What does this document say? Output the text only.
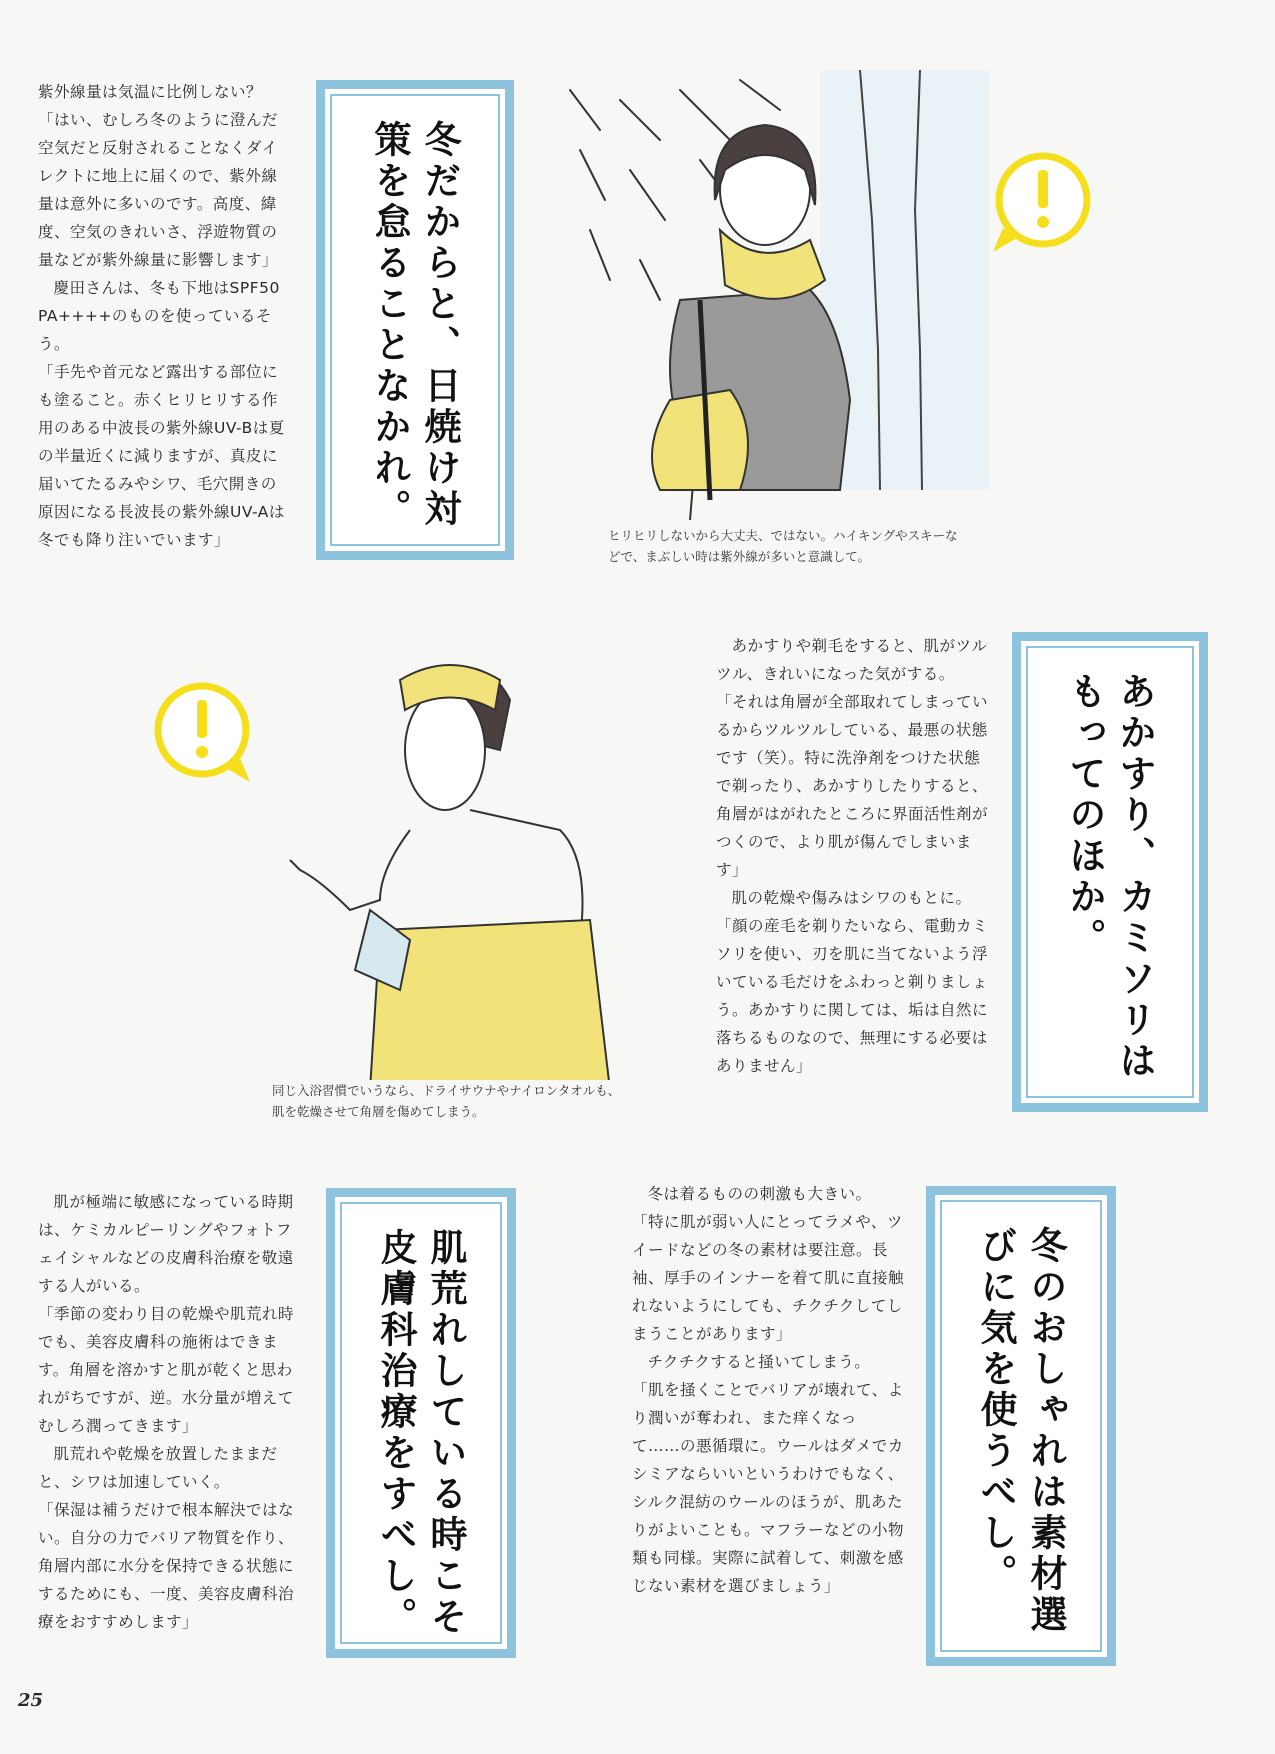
紫外線量は気温に比例しない？

「はい、むしろ冬のように澄んだ空気だと反射されることなくダイレクトに地上に届くので、紫外線量は意外に多いのです。高度、緯度、空気のきれいさ、浮遊物質の量などが紫外線量に影響します」

慶田さんは、冬も下地はSPF50 PA++++のものを使っているそう。

「手先や首元など露出する部位にも塗ること。赤くヒリヒリする作用のある中波長の紫外線UV-Bは夏の半量近くに減りますが、真皮に届いてたるみやシワ、毛穴開きの原因になる長波長の紫外線UV-Aは冬でも降り注いでいます」

冬だからと、日焼け対策を怠ることなかれ。

ヒリヒリしないから大丈夫、ではない。ハイキングやスキーなどで、まぶしい時は紫外線が多いと意識して。

同じ入浴習慣でいうなら、ドライサウナやナイロンタオルも、肌を乾燥させて角層を傷めてしまう。

あかすりや剃毛をすると、肌がツルツル、きれいになった気がする。

「それは角層が全部取れてしまっているからツルツルしている、最悪の状態です（笑）。特に洗浄剤をつけた状態で剃ったり、あかすりしたりすると、角層がはがれたところに界面活性剤がつくので、より肌が傷んでしまいます」

肌の乾燥や傷みはシワのもとに。

「顔の産毛を剃りたいなら、電動カミソリを使い、刃を肌に当てないよう浮いている毛だけをふわっと剃りましょう。あかすりに関しては、垢は自然に落ちるものなので、無理にする必要はありません」	あかすり、カミソリはもってのほか。

肌が極端に敏感になっている時期は、ケミカルピーリングやフォトフェイシャルなどの皮膚科治療を敬遠する人がいる。

「季節の変わり目の乾燥や肌荒れ時でも、美容皮膚科の施術はできます。角層を溶かすと肌が乾くと思われがちですが、逆。水分量が増えてむしろ潤ってきます」

肌荒れや乾燥を放置したままだと、シワは加速していく。

「保湿は補うだけで根本解決ではない。自分の力でバリア物質を作り、角層内部に水分を保持できる状態にするためにも、一度、美容皮膚科治療をおすすめします」	肌荒れしている時こそ皮膚科治療をすべし。

冬は着るものの刺激も大きい。

「特に肌が弱い人にとってラメや、ツイードなどの冬の素材は要注意。長袖、厚手のインナーを着て肌に直接触れないようにしても、チクチクしてしまうことがあります」

チクチクすると掻いてしまう。

「肌を掻くことでバリアが壊れて、より潤いが奪われ、また痒くなって……の悪循環に。ウールはダメでカシミアならいいというわけでもなく、シルク混紡のウールのほうが、肌あたりがよいことも。マフラーなどの小物類も同様。実際に試着して、刺激を感じない素材を選びましょう」	冬のおしゃれは素材選びに気を使うべし。
25
